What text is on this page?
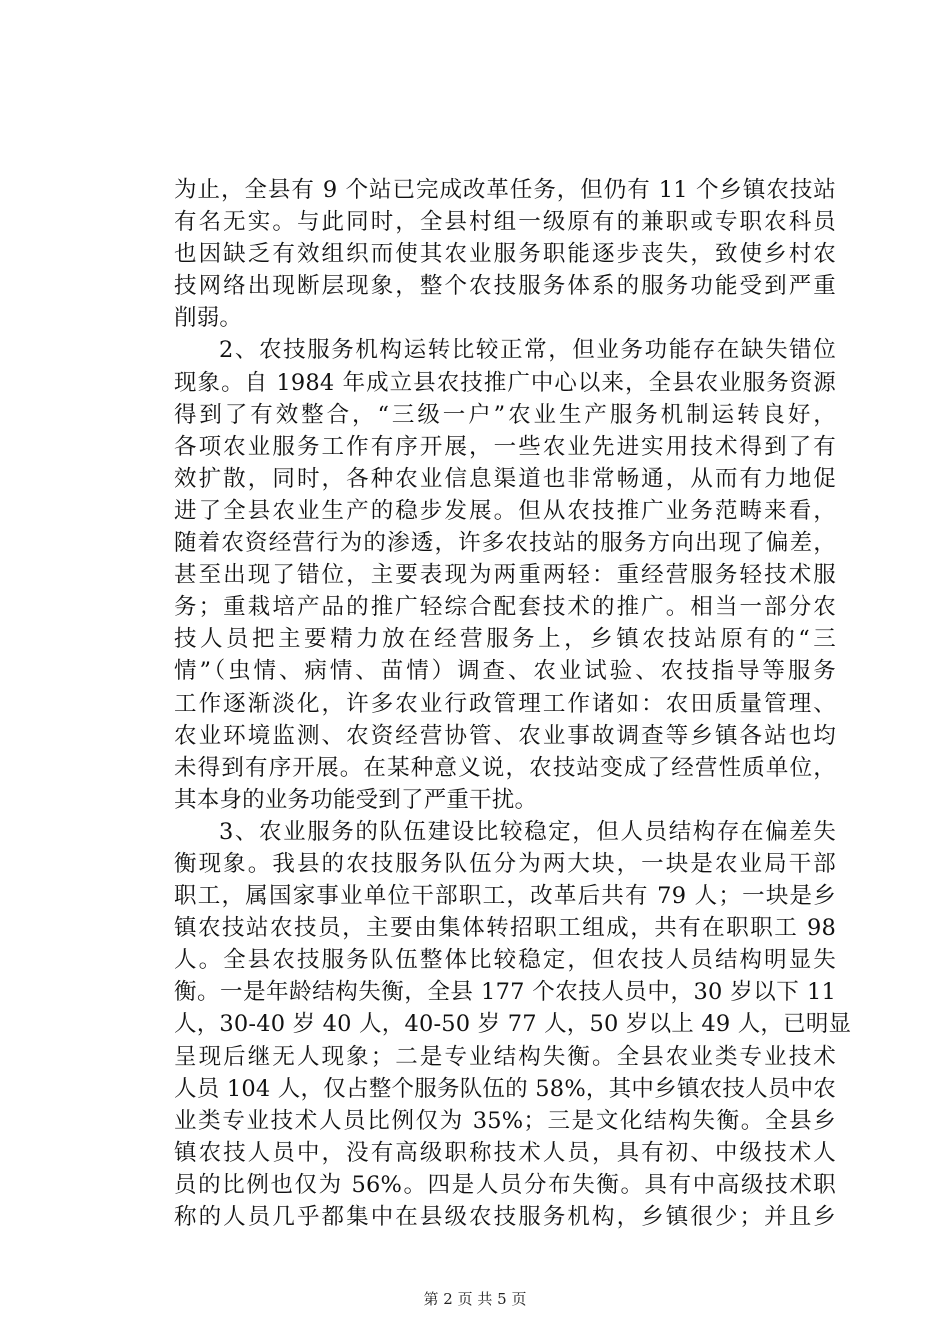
为止，全县有 9 个站已完成改革任务，但仍有 11 个乡镇农技站
有名无实。与此同时，全县村组一级原有的兼职或专职农科员
也因缺乏有效组织而使其农业服务职能逐步丧失，致使乡村农
技网络出现断层现象，整个农技服务体系的服务功能受到严重
削弱。
2、农技服务机构运转比较正常，但业务功能存在缺失错位
现象。自 1984 年成立县农技推广中心以来，全县农业服务资源
得到了有效整合，“三级一户”农业生产服务机制运转良好，
各项农业服务工作有序开展，一些农业先进实用技术得到了有
效扩散，同时，各种农业信息渠道也非常畅通，从而有力地促
进了全县农业生产的稳步发展。但从农技推广业务范畴来看，
随着农资经营行为的渗透，许多农技站的服务方向出现了偏差，
甚至出现了错位，主要表现为两重两轻：重经营服务轻技术服
务；重栽培产品的推广轻综合配套技术的推广。相当一部分农
技人员把主要精力放在经营服务上，乡镇农技站原有的“三
情”（虫情、病情、苗情）调查、农业试验、农技指导等服务
工作逐渐淡化，许多农业行政管理工作诸如：农田质量管理、
农业环境监测、农资经营协管、农业事故调查等乡镇各站也均
未得到有序开展。在某种意义说，农技站变成了经营性质单位，
其本身的业务功能受到了严重干扰。
3、农业服务的队伍建设比较稳定，但人员结构存在偏差失
衡现象。我县的农技服务队伍分为两大块，一块是农业局干部
职工，属国家事业单位干部职工，改革后共有 79 人；一块是乡
镇农技站农技员，主要由集体转招职工组成，共有在职职工 98
人。全县农技服务队伍整体比较稳定，但农技人员结构明显失
衡。一是年龄结构失衡，全县 177 个农技人员中，30 岁以下 11
人，30-40 岁 40 人，40-50 岁 77 人，50 岁以上 49 人，已明显
呈现后继无人现象；二是专业结构失衡。全县农业类专业技术
人员 104 人，仅占整个服务队伍的 58%，其中乡镇农技人员中农
业类专业技术人员比例仅为 35%；三是文化结构失衡。全县乡
镇农技人员中，没有高级职称技术人员，具有初、中级技术人
员的比例也仅为 56%。四是人员分布失衡。具有中高级技术职
称的人员几乎都集中在县级农技服务机构，乡镇很少；并且乡
第 2 页 共 5 页
